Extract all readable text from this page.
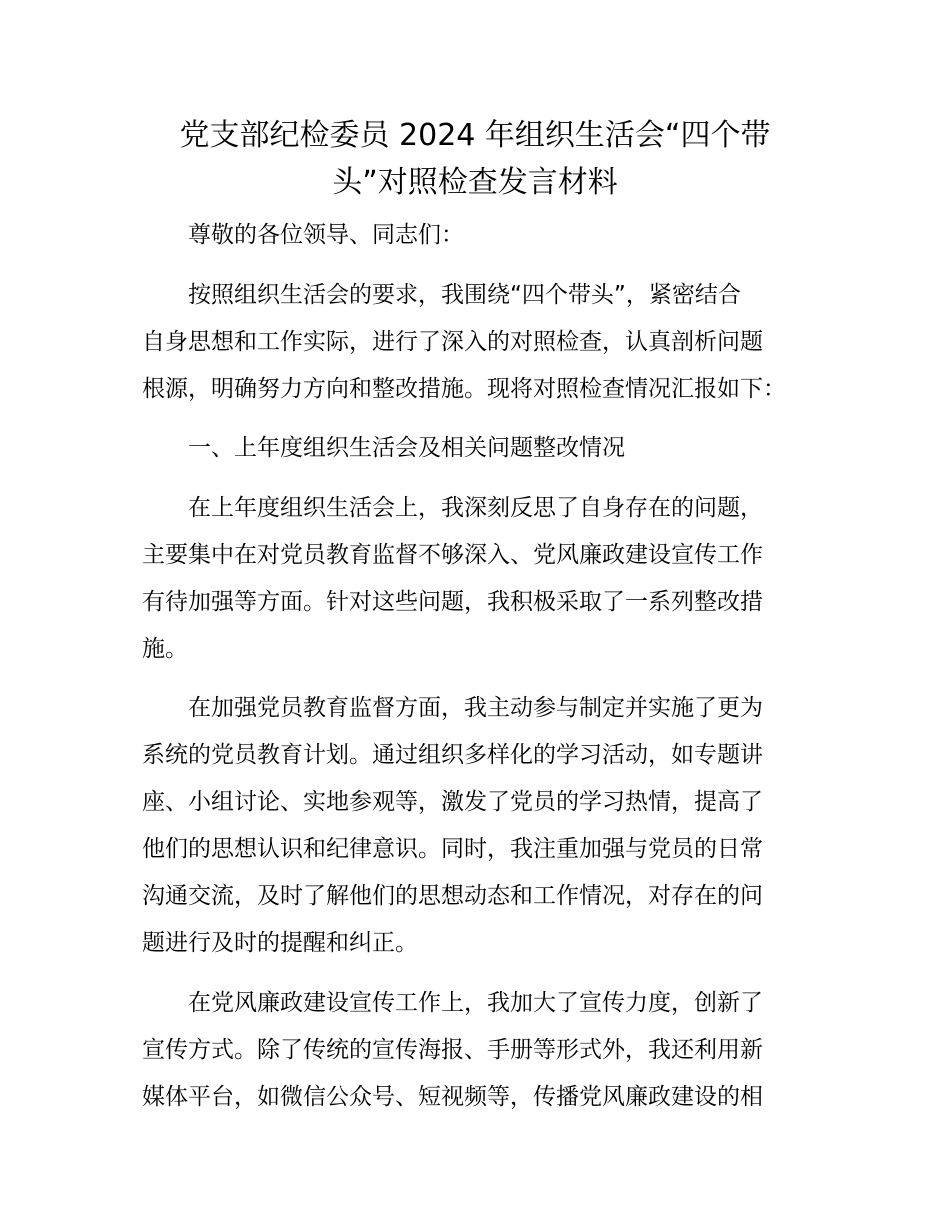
党支部纪检委员 2024 年组织生活会“四个带
头”对照检查发言材料

尊敬的各位领导、同志们：

按照组织生活会的要求，我围绕“四个带头”，紧密结合
自身思想和工作实际，进行了深入的对照检查，认真剖析问题
根源，明确努力方向和整改措施。现将对照检查情况汇报如下：

一、上年度组织生活会及相关问题整改情况

在上年度组织生活会上，我深刻反思了自身存在的问题，
主要集中在对党员教育监督不够深入、党风廉政建设宣传工作
有待加强等方面。针对这些问题，我积极采取了一系列整改措
施。

在加强党员教育监督方面，我主动参与制定并实施了更为
系统的党员教育计划。通过组织多样化的学习活动，如专题讲
座、小组讨论、实地参观等，激发了党员的学习热情，提高了
他们的思想认识和纪律意识。同时，我注重加强与党员的日常
沟通交流，及时了解他们的思想动态和工作情况，对存在的问
题进行及时的提醒和纠正。

在党风廉政建设宣传工作上，我加大了宣传力度，创新了
宣传方式。除了传统的宣传海报、手册等形式外，我还利用新
媒体平台，如微信公众号、短视频等，传播党风廉政建设的相
